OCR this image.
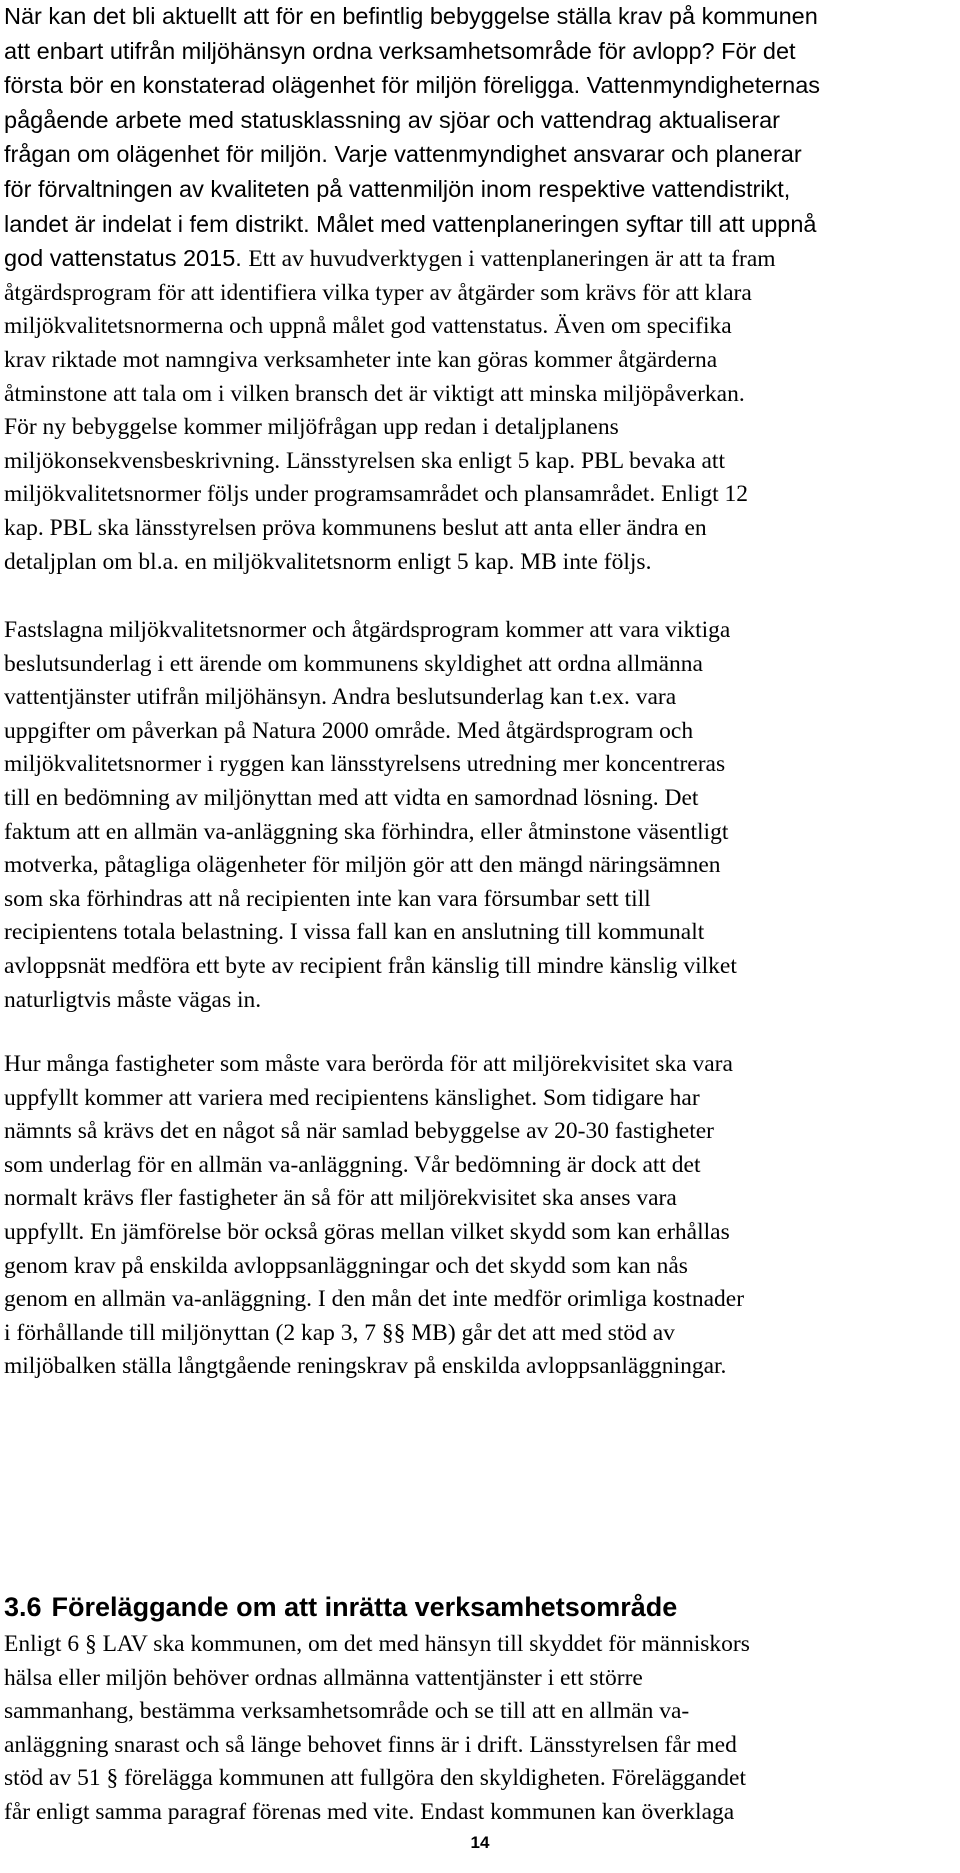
När kan det bli aktuellt att för en befintlig bebyggelse ställa krav på kommunen
att enbart utifrån miljöhänsyn ordna verksamhetsområde för avlopp? För det
första bör en konstaterad olägenhet för miljön föreligga. Vattenmyndigheternas
pågående arbete med statusklassning av sjöar och vattendrag aktualiserar
frågan om olägenhet för miljön. Varje vattenmyndighet ansvarar och planerar
för förvaltningen av kvaliteten på vattenmiljön inom respektive vattendistrikt,
landet är indelat i fem distrikt. Målet med vattenplaneringen syftar till att uppnå
god vattenstatus 2015. Ett av huvudverktygen i vattenplaneringen är att ta fram
åtgärdsprogram för att identifiera vilka typer av åtgärder som krävs för att klara
miljökvalitetsnormerna och uppnå målet god vattenstatus. Även om specifika
krav riktade mot namngiva verksamheter inte kan göras kommer åtgärderna
åtminstone att tala om i vilken bransch det är viktigt att minska miljöpåverkan.
För ny bebyggelse kommer miljöfrågan upp redan i detaljplanens
miljökonsekvensbeskrivning. Länsstyrelsen ska enligt 5 kap. PBL bevaka att
miljökvalitetsnormer följs under programsamrådet och plansamrådet. Enligt 12
kap. PBL ska länsstyrelsen pröva kommunens beslut att anta eller ändra en
detaljplan om bl.a. en miljökvalitetsnorm enligt 5 kap. MB inte följs.
Fastslagna miljökvalitetsnormer och åtgärdsprogram kommer att vara viktiga
beslutsunderlag i ett ärende om kommunens skyldighet att ordna allmänna
vattentjänster utifrån miljöhänsyn. Andra beslutsunderlag kan t.ex. vara
uppgifter om påverkan på Natura 2000 område. Med åtgärdsprogram och
miljökvalitetsnormer i ryggen kan länsstyrelsens utredning mer koncentreras
till en bedömning av miljönyttan med att vidta en samordnad lösning. Det
faktum att en allmän va-anläggning ska förhindra, eller åtminstone väsentligt
motverka, påtagliga olägenheter för miljön gör att den mängd näringsämnen
som ska förhindras att nå recipienten inte kan vara försumbar sett till
recipientens totala belastning. I vissa fall kan en anslutning till kommunalt
avloppsnät medföra ett byte av recipient från känslig till mindre känslig vilket
naturligtvis måste vägas in.
Hur många fastigheter som måste vara berörda för att miljörekvisitet ska vara
uppfyllt kommer att variera med recipientens känslighet. Som tidigare har
nämnts så krävs det en något så när samlad bebyggelse av 20-30 fastigheter
som underlag för en allmän va-anläggning. Vår bedömning är dock att det
normalt krävs fler fastigheter än så för att miljörekvisitet ska anses vara
uppfyllt. En jämförelse bör också göras mellan vilket skydd som kan erhållas
genom krav på enskilda avloppsanläggningar och det skydd som kan nås
genom en allmän va-anläggning. I den mån det inte medför orimliga kostnader
i förhållande till miljönyttan (2 kap 3, 7 §§ MB) går det att med stöd av
miljöbalken ställa långtgående reningskrav på enskilda avloppsanläggningar.
3.6 Föreläggande om att inrätta verksamhetsområde
Enligt 6 § LAV ska kommunen, om det med hänsyn till skyddet för människors
hälsa eller miljön behöver ordnas allmänna vattentjänster i ett större
sammanhang, bestämma verksamhetsområde och se till att en allmän va-
anläggning snarast och så länge behovet finns är i drift. Länsstyrelsen får med
stöd av 51 § förelägga kommunen att fullgöra den skyldigheten. Föreläggandet
får enligt samma paragraf förenas med vite. Endast kommunen kan överklaga
14
